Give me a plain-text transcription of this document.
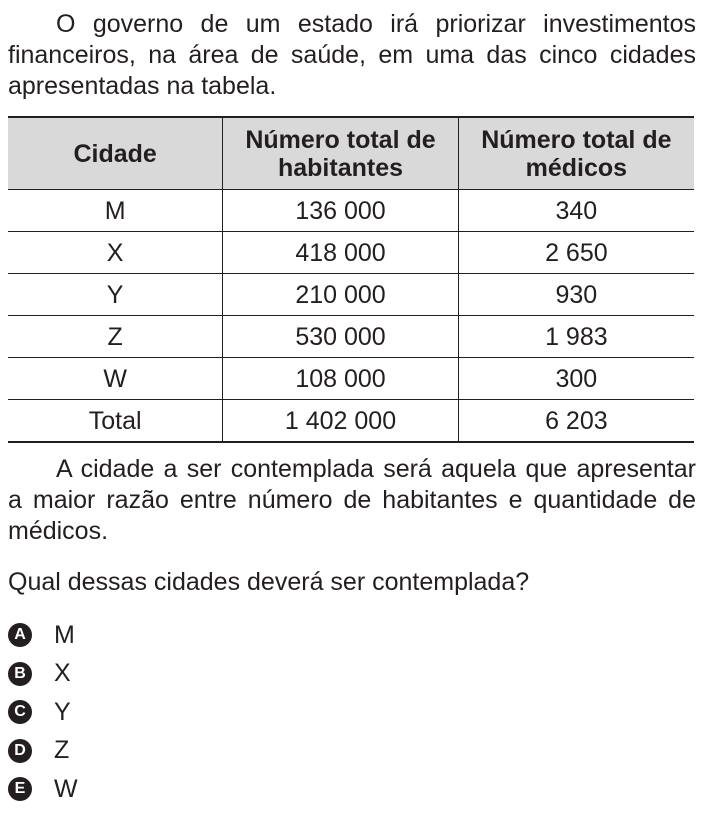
O governo de um estado irá priorizar investimentos financeiros, na área de saúde, em uma das cinco cidades apresentadas na tabela.

Cidade	Número total de habitantes	Número total de médicos
M	136 000	340
X	418 000	2 650
Y	210 000	930
Z	530 000	1 983
W	108 000	300
Total	1 402 000	6 203

A cidade a ser contemplada será aquela que apresentar a maior razão entre número de habitantes e quantidade de médicos.

Qual dessas cidades deverá ser contemplada?

A M
B X
C Y
D Z
E W
